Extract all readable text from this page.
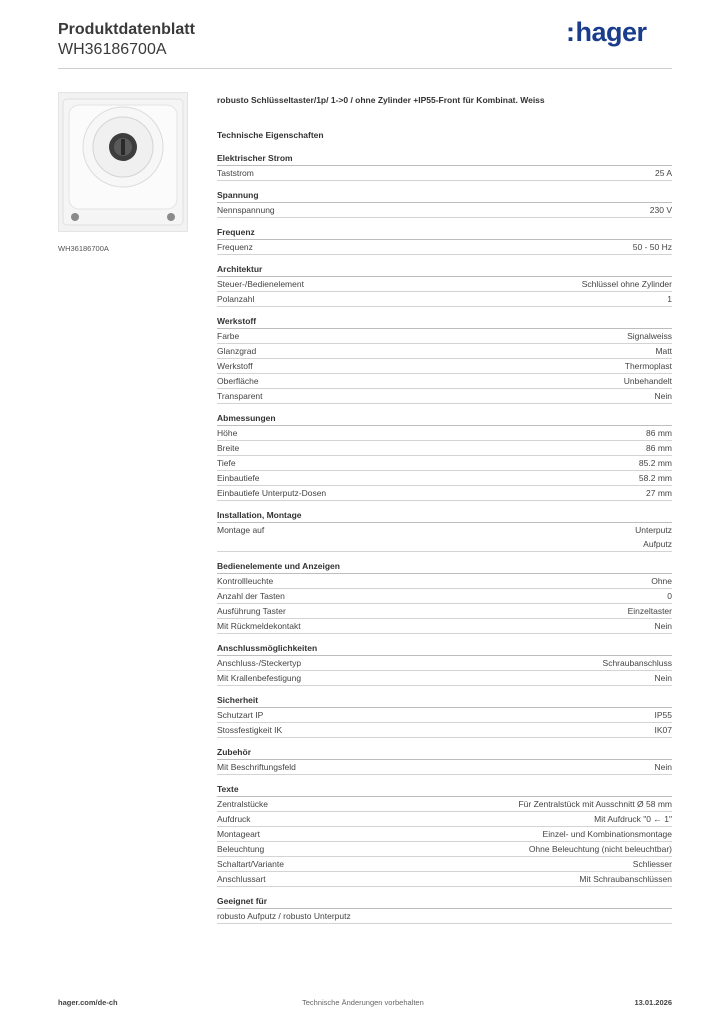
Produktdatenblatt
WH36186700A
:hager
WH36186700A
robusto Schlüsseltaster/1p/ 1->0 / ohne Zylinder +IP55-Front für Kombinat. Weiss
Technische Eigenschaften
Elektrischer Strom
Taststrom	25 A
Spannung
Nennspannung	230 V
Frequenz
Frequenz	50 - 50 Hz
Architektur
Steuer-/Bedienelement	Schlüssel ohne Zylinder
Polanzahl	1
Werkstoff
Farbe	Signalweiss
Glanzgrad	Matt
Werkstoff	Thermoplast
Oberfläche	Unbehandelt
Transparent	Nein
Abmessungen
Höhe	86 mm
Breite	86 mm
Tiefe	85.2 mm
Einbautiefe	58.2 mm
Einbautiefe Unterputz-Dosen	27 mm
Installation, Montage
Montage auf	Unterputz
Aufputz
Bedienelemente und Anzeigen
Kontrollleuchte	Ohne
Anzahl der Tasten	0
Ausführung Taster	Einzeltaster
Mit Rückmeldekontakt	Nein
Anschlussmöglichkeiten
Anschluss-/Steckertyp	Schraubanschluss
Mit Krallenbefestigung	Nein
Sicherheit
Schutzart IP	IP55
Stossfestigkeit IK	IK07
Zubehör
Mit Beschriftungsfeld	Nein
Texte
Zentralstücke	Für Zentralstück mit Ausschnitt Ø 58 mm
Aufdruck	Mit Aufdruck "0 ← 1"
Montageart	Einzel- und Kombinationsmontage
Beleuchtung	Ohne Beleuchtung (nicht beleuchtbar)
Schaltart/Variante	Schliesser
Anschlussart	Mit Schraubanschlüssen
Geeignet für
robusto Aufputz / robusto Unterputz
hager.com/de-ch	Technische Änderungen vorbehalten	13.01.2026
